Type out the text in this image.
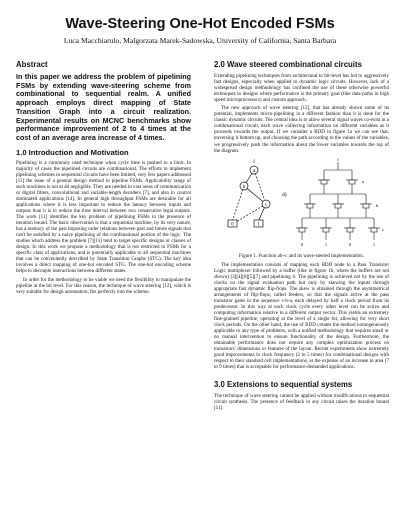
Wave-Steering One-Hot Encoded FSMs
Luca Macchiarulo, Malgorzata Marek-Sadowska, University of California, Santa Barbara
Abstract

In this paper we address the problem of pipelining FSMs by extending wave-steering scheme from combinational to sequential realm. A unified approach employs direct mapping of State Transition Graph into a circuit realization. Experimental results on MCNC benchmarks show performance improvement of 2 to 4 times at the cost of an average area increase of 4 times.

1.0 Introduction and Motivation

Pipelining is a commonly used technique when cycle time is pushed to a limit. In majority of cases the pipelined circuits are combinational. The efforts to implement pipelining schemes in sequential circuits have been limited, very few papers addressed [11] the issue of a general design method to pipeline FSMs. Applicability range of such machines is not at all negligible. They are needed in vast areas of communication or digital filters, convolutional and variable-length decoders [7], and also in control dominated applications [14]. In general high throughput FSMs are desirable for all applications where it is less important to reduce the latency between inputs and outputs than it is to reduce the time interval between two consecutive legal outputs. The work [11] identifies the key problem of pipelining FSMs in the presence of iteration bound. The basic observation is that a sequential machine, by its very nature, has a memory of the past imposing order relations between past and future signals that can't be satisfied by a naive pipelining of the combinational portion of the logic. The studies which address the problem [7][11] tend to target specific designs or classes of design. In this work we propose a methodology that is not restricted to FSMs for a specific class of applications, and is potentially applicable to all sequential machines that can be conveniently described by State Transition Graphs (STG). The key idea involves a direct mapping of one-hot encoded STG. The one-hot encoding scheme helps to decouple interactions between different states.

In order for the methodology to be viable we need the flexibility to manipulate the pipeline at the bit level. For this reason, the technique of wave steering [12], which is very suitable for design automation, fits perfectly into the scheme.

2.0 Wave steered combinational circuits

Extending pipelining techniques from architectural to bit-level has led to aggressively fast designs, especially when applied to dynamic logic circuits. However, lack of a widespread design methodology has confined the use of these otherwise powerful techniques to designs where performance is the primary goal (like data-paths in high speed microprocessors) and custom approach.

The new approach of wave steering [12], that has already shown some of its potential, implements micro-pipelining in a different fashion than it is done for the classic dynamic circuits. The central idea is to allow several signal waves co-exist in a combinational circuit, each wave collecting information on different variables as it proceeds towards the output. If we consider a BDD in figure 1a we can see that, traversing it bottom up, and choosing the path according to the values of the variables, we progressively push the information about the lower variables towards the top of the diagram.

a
b
c
0	1
f
d)
f
a
b
c
0	1	0	1
Figure 1. Function ab+c and its wave-steered implementation.

The implementation consists of mapping each BDD node to a Pass Transistor Logic multiplexer followed by a buffer (like in figure 1b, where the buffers are not shown) [3][4][6][5][7] and pipelining it. The pipelining is achieved not by the use of clocks on the signal evaluation path but only by skewing the inputs through appropriate fast dynamic flip-flops. The skew is obtained through the asymmetrical arrangements of flip-flops, called feeders, so that the signals arrive at the pass transistor gates in the sequence c-b-a, each delayed by half a clock period from its predecessor. In this way at each clock cycle every other level can be active and computing information relative to a different output vector. This yields an extremely fine-grained pipeline, operating at the level of a single bit, allowing for very short clock periods. On the other hand, the use of BDD creates the method homogeneously applicable to any type of problems, with a unified methodology that requires small or no manual intervention to ensure functionality of the design. Furthermore, the obtainable performance does not require any complex optimization process on transistors' dimensions or features of the layout. Recent experiments show extremely good improvements in clock frequency (2 to 5 times) for combinational designs with respect to their standard cell implementations, at the expense of an increase in area (7 to 9 times) that is acceptable for performance-demanded applications.

3.0 Extensions to sequential systems

The technique of wave steering cannot be applied without modifications to sequential circuit synthesis. The presence of feedback in any circuit raises the iteration bound [11].
